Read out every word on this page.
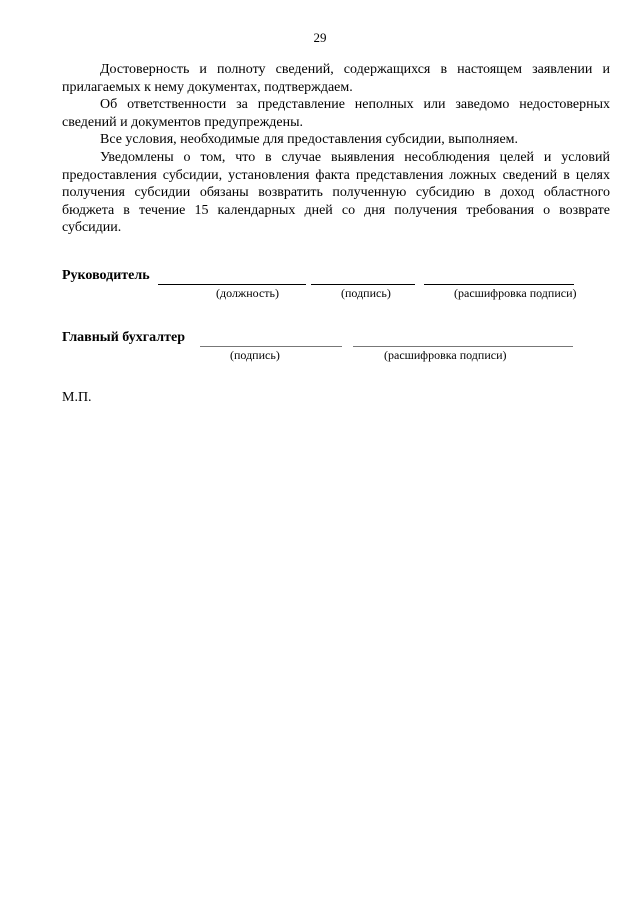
29

Достоверность и полноту сведений, содержащихся в настоящем заявлении и прилагаемых к нему документах, подтверждаем.

Об ответственности за представление неполных или заведомо недостоверных сведений и документов предупреждены.

Все условия, необходимые для предоставления субсидии, выполняем.

Уведомлены о том, что в случае выявления несоблюдения целей и условий предоставления субсидии, установления факта представления ложных сведений в целях получения субсидии обязаны возвратить полученную субсидию в доход областного бюджета в течение 15 календарных дней со дня получения требования о возврате субсидии.

Руководитель
(должность)	(подпись)	(расшифровка подписи)
Главный бухгалтер
(подпись)	(расшифровка подписи)
М.П.
